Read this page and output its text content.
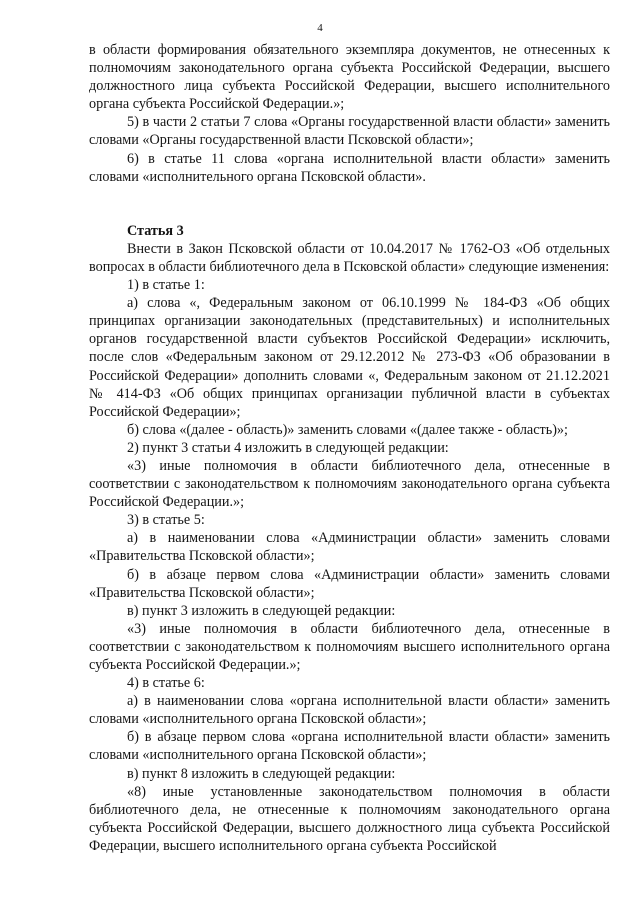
4

в области формирования обязательного экземпляра документов, не отнесенных к полномочиям законодательного органа субъекта Российской Федерации, высшего должностного лица субъекта Российской Федерации, высшего исполнительного органа субъекта Российской Федерации.»;

5) в части 2 статьи 7 слова «Органы государственной власти области» заменить словами «Органы государственной власти Псковской области»;

6) в статье 11 слова «органа исполнительной власти области» заменить словами «исполнительного органа Псковской области».

Статья 3

Внести в Закон Псковской области от 10.04.2017 № 1762-ОЗ «Об отдельных вопросах в области библиотечного дела в Псковской области» следующие изменения:

1) в статье 1:

а) слова «, Федеральным законом от 06.10.1999 № 184-ФЗ «Об общих принципах организации законодательных (представительных) и исполнительных органов государственной власти субъектов Российской Федерации» исключить, после слов «Федеральным законом от 29.12.2012 № 273-ФЗ «Об образовании в Российской Федерации» дополнить словами «, Федеральным законом от 21.12.2021 № 414-ФЗ «Об общих принципах организации публичной власти в субъектах Российской Федерации»;

б) слова «(далее - область)» заменить словами «(далее также - область)»;

2) пункт 3 статьи 4 изложить в следующей редакции:

«3) иные полномочия в области библиотечного дела, отнесенные в соответствии с законодательством к полномочиям законодательного органа субъекта Российской Федерации.»;

3) в статье 5:

а) в наименовании слова «Администрации области» заменить словами «Правительства Псковской области»;

б) в абзаце первом слова «Администрации области» заменить словами «Правительства Псковской области»;

в) пункт 3 изложить в следующей редакции:

«3) иные полномочия в области библиотечного дела, отнесенные в соответствии с законодательством к полномочиям высшего исполнительного органа субъекта Российской Федерации.»;

4) в статье 6:

а) в наименовании слова «органа исполнительной власти области» заменить словами «исполнительного органа Псковской области»;

б) в абзаце первом слова «органа исполнительной власти области» заменить словами «исполнительного органа Псковской области»;

в) пункт 8 изложить в следующей редакции:

«8) иные установленные законодательством полномочия в области библиотечного дела, не отнесенные к полномочиям законодательного органа субъекта Российской Федерации, высшего должностного лица субъекта Российской Федерации, высшего исполнительного органа субъекта Российской
